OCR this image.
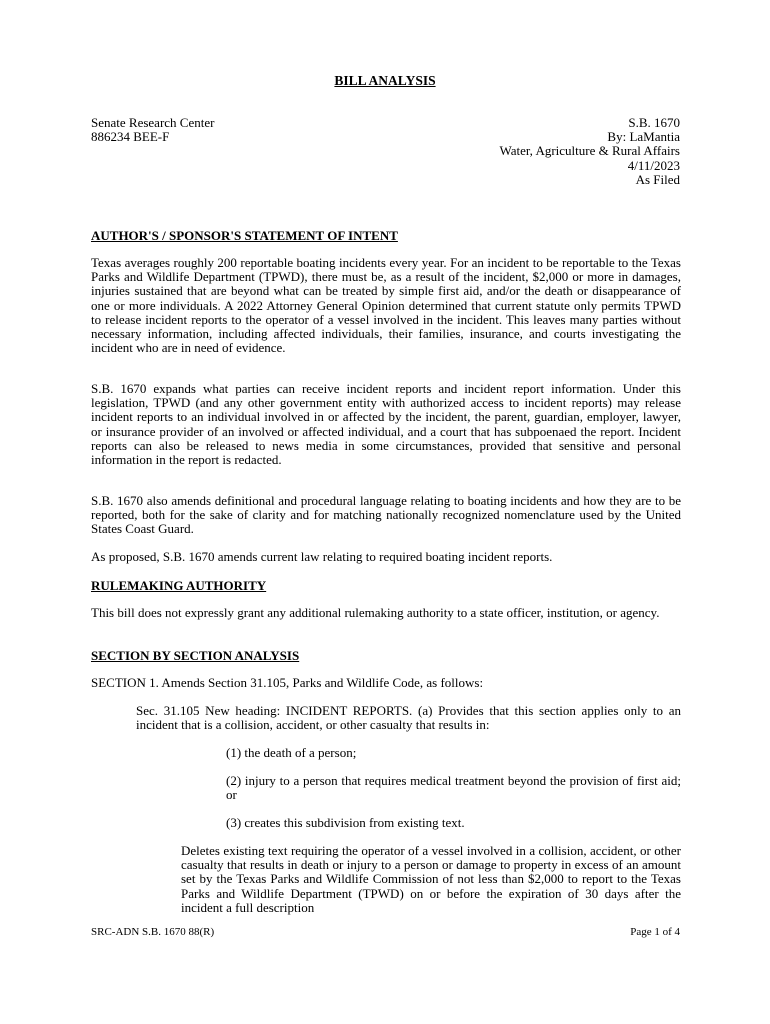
BILL ANALYSIS
Senate Research Center
886234 BEE-F
S.B. 1670
By: LaMantia
Water, Agriculture & Rural Affairs
4/11/2023
As Filed
AUTHOR'S / SPONSOR'S STATEMENT OF INTENT
Texas averages roughly 200 reportable boating incidents every year. For an incident to be reportable to the Texas Parks and Wildlife Department (TPWD), there must be, as a result of the incident, $2,000 or more in damages, injuries sustained that are beyond what can be treated by simple first aid, and/or the death or disappearance of one or more individuals. A 2022 Attorney General Opinion determined that current statute only permits TPWD to release incident reports to the operator of a vessel involved in the incident. This leaves many parties without necessary information, including affected individuals, their families, insurance, and courts investigating the incident who are in need of evidence.
S.B. 1670 expands what parties can receive incident reports and incident report information. Under this legislation, TPWD (and any other government entity with authorized access to incident reports) may release incident reports to an individual involved in or affected by the incident, the parent, guardian, employer, lawyer, or insurance provider of an involved or affected individual, and a court that has subpoenaed the report. Incident reports can also be released to news media in some circumstances, provided that sensitive and personal information in the report is redacted.
S.B. 1670 also amends definitional and procedural language relating to boating incidents and how they are to be reported, both for the sake of clarity and for matching nationally recognized nomenclature used by the United States Coast Guard.
As proposed, S.B. 1670 amends current law relating to required boating incident reports.
RULEMAKING AUTHORITY
This bill does not expressly grant any additional rulemaking authority to a state officer, institution, or agency.
SECTION BY SECTION ANALYSIS
SECTION 1. Amends Section 31.105, Parks and Wildlife Code, as follows:
Sec. 31.105 New heading: INCIDENT REPORTS. (a) Provides that this section applies only to an incident that is a collision, accident, or other casualty that results in:
(1) the death of a person;
(2) injury to a person that requires medical treatment beyond the provision of first aid; or
(3) creates this subdivision from existing text.
Deletes existing text requiring the operator of a vessel involved in a collision, accident, or other casualty that results in death or injury to a person or damage to property in excess of an amount set by the Texas Parks and Wildlife Commission of not less than $2,000 to report to the Texas Parks and Wildlife Department (TPWD) on or before the expiration of 30 days after the incident a full description
SRC-ADN S.B. 1670 88(R)	Page 1 of 4
